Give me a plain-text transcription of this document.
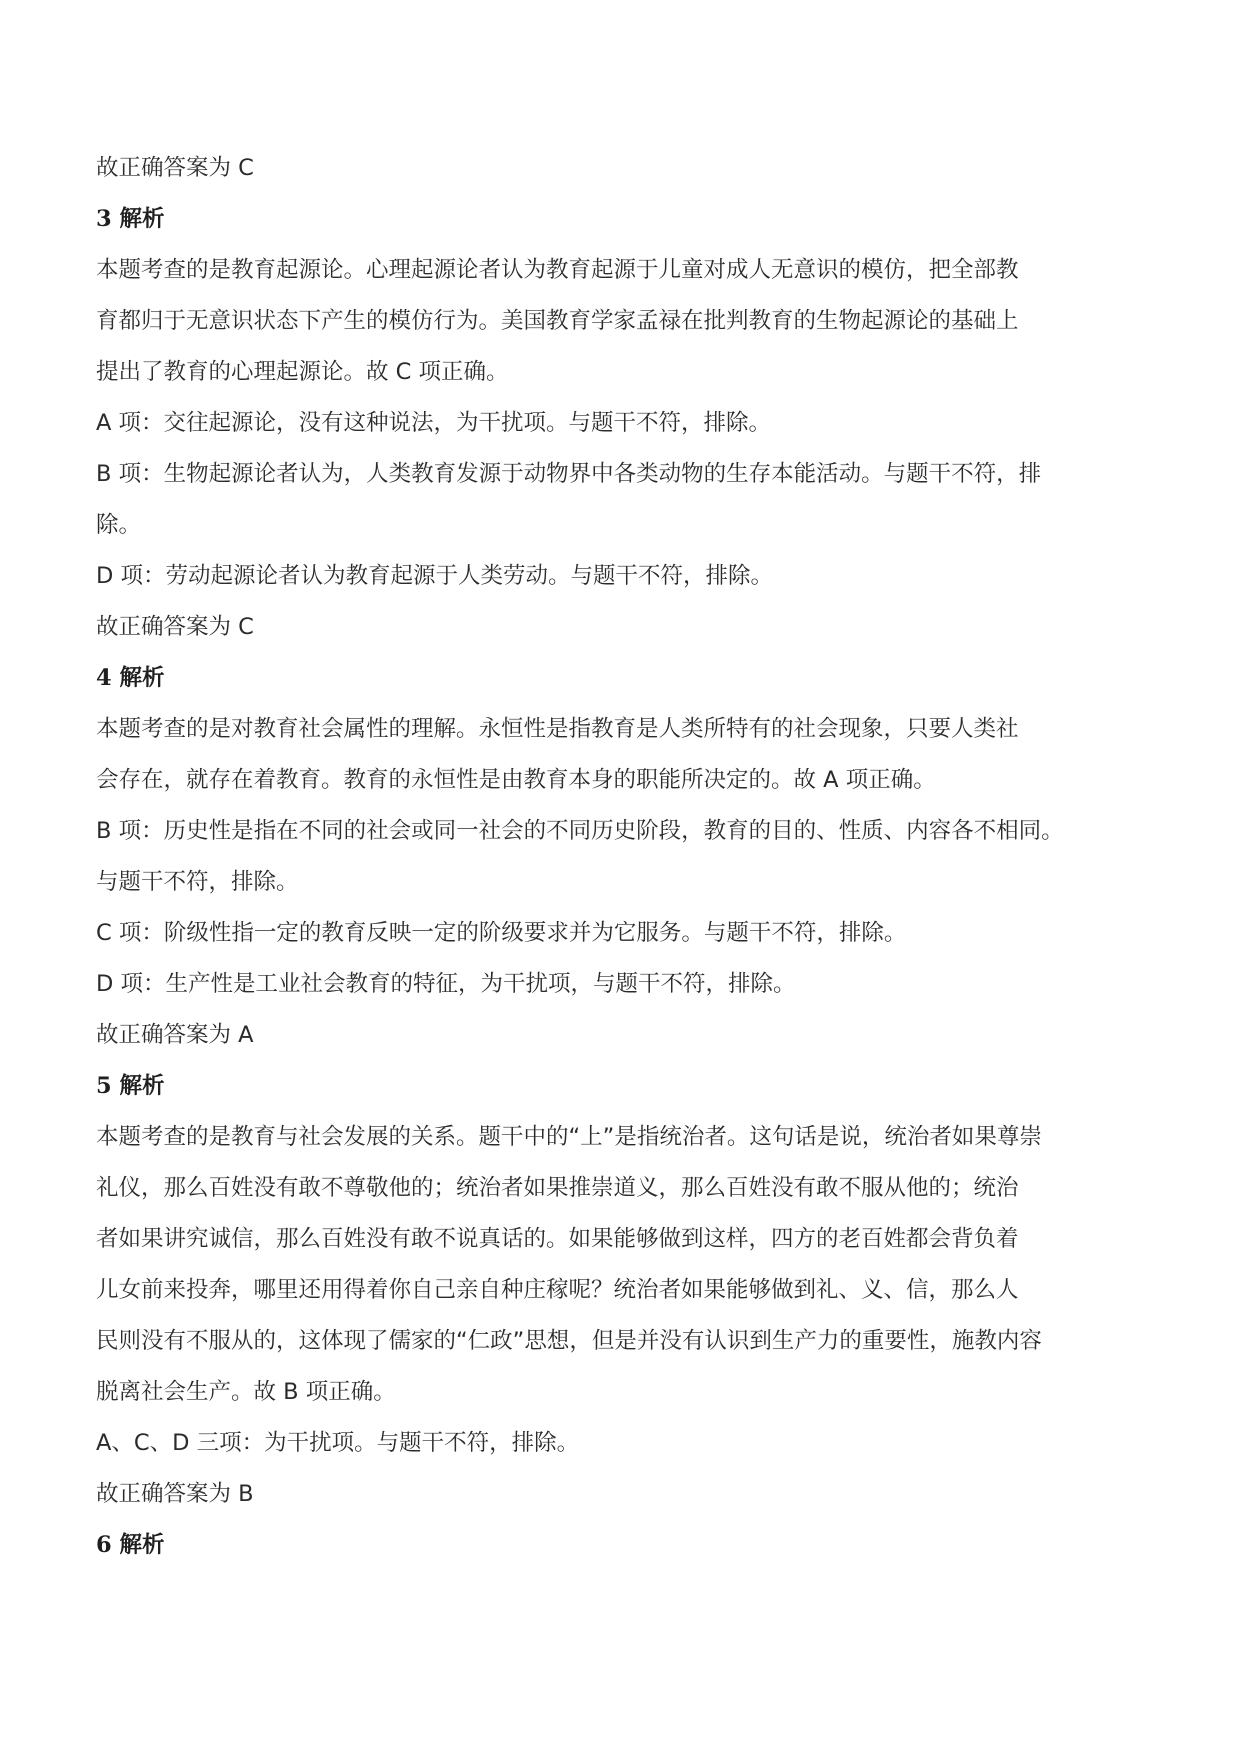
故正确答案为 C

3 解析

本题考查的是教育起源论。心理起源论者认为教育起源于儿童对成人无意识的模仿，把全部教

育都归于无意识状态下产生的模仿行为。美国教育学家孟禄在批判教育的生物起源论的基础上

提出了教育的心理起源论。故 C 项正确。

A 项：交往起源论，没有这种说法，为干扰项。与题干不符，排除。

B 项：生物起源论者认为，人类教育发源于动物界中各类动物的生存本能活动。与题干不符，排

除。

D 项：劳动起源论者认为教育起源于人类劳动。与题干不符，排除。

故正确答案为 C

4 解析

本题考查的是对教育社会属性的理解。永恒性是指教育是人类所特有的社会现象，只要人类社

会存在，就存在着教育。教育的永恒性是由教育本身的职能所决定的。故 A 项正确。

B 项：历史性是指在不同的社会或同一社会的不同历史阶段，教育的目的、性质、内容各不相同。

与题干不符，排除。

C 项：阶级性指一定的教育反映一定的阶级要求并为它服务。与题干不符，排除。

D 项：生产性是工业社会教育的特征，为干扰项，与题干不符，排除。

故正确答案为 A

5 解析

本题考查的是教育与社会发展的关系。题干中的“上”是指统治者。这句话是说，统治者如果尊崇

礼仪，那么百姓没有敢不尊敬他的；统治者如果推崇道义，那么百姓没有敢不服从他的；统治

者如果讲究诚信，那么百姓没有敢不说真话的。如果能够做到这样，四方的老百姓都会背负着

儿女前来投奔，哪里还用得着你自己亲自种庄稼呢？统治者如果能够做到礼、义、信，那么人

民则没有不服从的，这体现了儒家的“仁政”思想，但是并没有认识到生产力的重要性，施教内容

脱离社会生产。故 B 项正确。

A、C、D 三项：为干扰项。与题干不符，排除。

故正确答案为 B

6 解析
